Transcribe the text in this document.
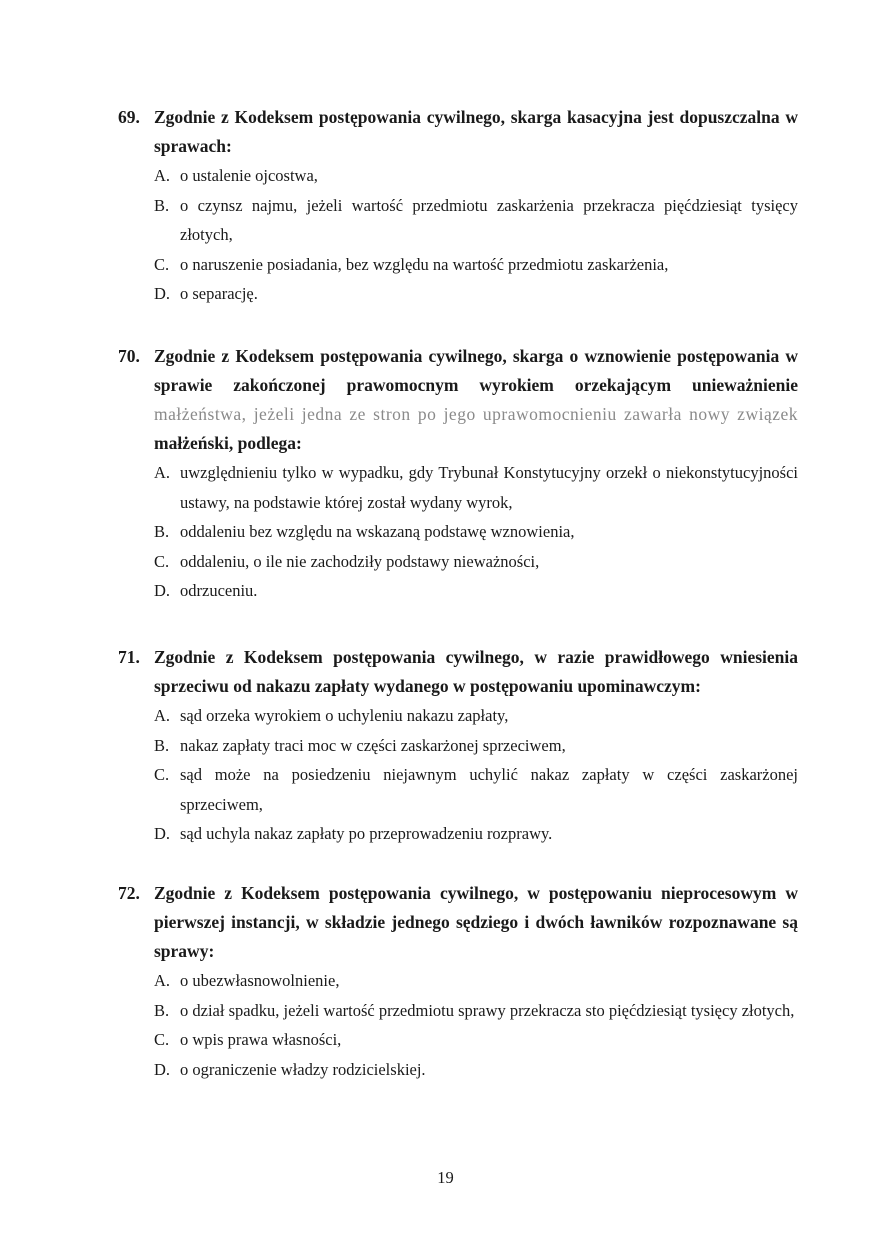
69. Zgodnie z Kodeksem postępowania cywilnego, skarga kasacyjna jest dopuszczalna w sprawach:
A. o ustalenie ojcostwa,
B. o czynsz najmu, jeżeli wartość przedmiotu zaskarżenia przekracza pięćdziesiąt tysięcy złotych,
C. o naruszenie posiadania, bez względu na wartość przedmiotu zaskarżenia,
D. o separację.
70. Zgodnie z Kodeksem postępowania cywilnego, skarga o wznowienie postępowania w sprawie zakończonej prawomocnym wyrokiem orzekającym unieważnienie małżeństwa, jeżeli jedna ze stron po jego uprawomocnieniu zawarła nowy związek małżeński, podlega:
A. uwzględnieniu tylko w wypadku, gdy Trybunał Konstytucyjny orzekł o niekonstytucyjności ustawy, na podstawie której został wydany wyrok,
B. oddaleniu bez względu na wskazaną podstawę wznowienia,
C. oddaleniu, o ile nie zachodziły podstawy nieważności,
D. odrzuceniu.
71. Zgodnie z Kodeksem postępowania cywilnego, w razie prawidłowego wniesienia sprzeciwu od nakazu zapłaty wydanego w postępowaniu upominawczym:
A. sąd orzeka wyrokiem o uchyleniu nakazu zapłaty,
B. nakaz zapłaty traci moc w części zaskarżonej sprzeciwem,
C. sąd może na posiedzeniu niejawnym uchylić nakaz zapłaty w części zaskarżonej sprzeciwem,
D. sąd uchyla nakaz zapłaty po przeprowadzeniu rozprawy.
72. Zgodnie z Kodeksem postępowania cywilnego, w postępowaniu nieprocesowym w pierwszej instancji, w składzie jednego sędziego i dwóch ławników rozpoznawane są sprawy:
A. o ubezwłasnowolnienie,
B. o dział spadku, jeżeli wartość przedmiotu sprawy przekracza sto pięćdziesiąt tysięcy złotych,
C. o wpis prawa własności,
D. o ograniczenie władzy rodzicielskiej.
19
